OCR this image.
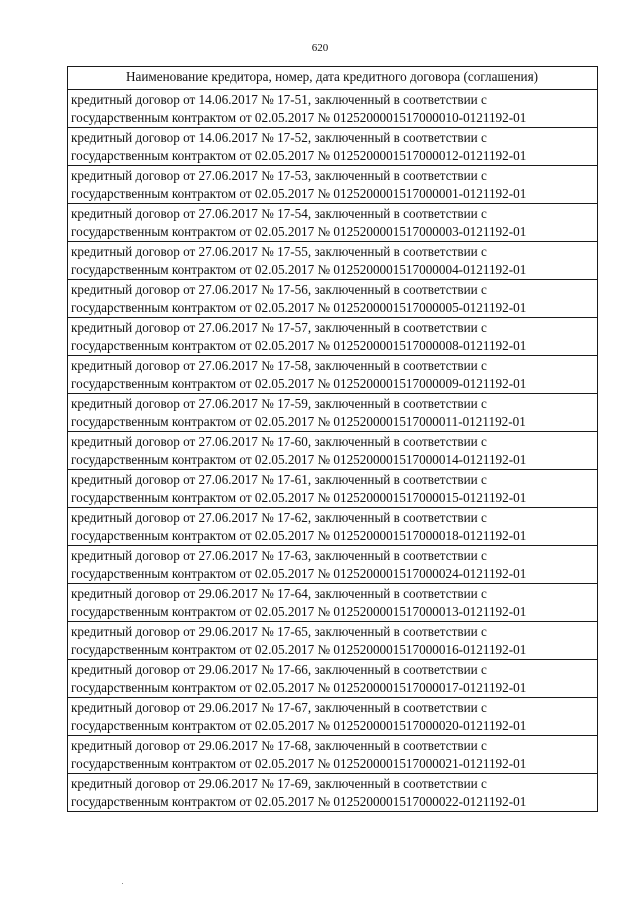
620
Наименование кредитора, номер, дата кредитного договора (соглашения)

кредитный договор от 14.06.2017 № 17-51, заключенный в соответствии с
государственным контрактом от 02.05.2017 № 0125200001517000010-0121192-01

кредитный договор от 14.06.2017 № 17-52, заключенный в соответствии с
государственным контрактом от 02.05.2017 № 0125200001517000012-0121192-01

кредитный договор от 27.06.2017 № 17-53, заключенный в соответствии с
государственным контрактом от 02.05.2017 № 0125200001517000001-0121192-01

кредитный договор от 27.06.2017 № 17-54, заключенный в соответствии с
государственным контрактом от 02.05.2017 № 0125200001517000003-0121192-01

кредитный договор от 27.06.2017 № 17-55, заключенный в соответствии с
государственным контрактом от 02.05.2017 № 0125200001517000004-0121192-01

кредитный договор от 27.06.2017 № 17-56, заключенный в соответствии с
государственным контрактом от 02.05.2017 № 0125200001517000005-0121192-01

кредитный договор от 27.06.2017 № 17-57, заключенный в соответствии с
государственным контрактом от 02.05.2017 № 0125200001517000008-0121192-01

кредитный договор от 27.06.2017 № 17-58, заключенный в соответствии с
государственным контрактом от 02.05.2017 № 0125200001517000009-0121192-01

кредитный договор от 27.06.2017 № 17-59, заключенный в соответствии с
государственным контрактом от 02.05.2017 № 0125200001517000011-0121192-01

кредитный договор от 27.06.2017 № 17-60, заключенный в соответствии с
государственным контрактом от 02.05.2017 № 0125200001517000014-0121192-01

кредитный договор от 27.06.2017 № 17-61, заключенный в соответствии с
государственным контрактом от 02.05.2017 № 0125200001517000015-0121192-01

кредитный договор от 27.06.2017 № 17-62, заключенный в соответствии с
государственным контрактом от 02.05.2017 № 0125200001517000018-0121192-01

кредитный договор от 27.06.2017 № 17-63, заключенный в соответствии с
государственным контрактом от 02.05.2017 № 0125200001517000024-0121192-01

кредитный договор от 29.06.2017 № 17-64, заключенный в соответствии с
государственным контрактом от 02.05.2017 № 0125200001517000013-0121192-01

кредитный договор от 29.06.2017 № 17-65, заключенный в соответствии с
государственным контрактом от 02.05.2017 № 0125200001517000016-0121192-01

кредитный договор от 29.06.2017 № 17-66, заключенный в соответствии с
государственным контрактом от 02.05.2017 № 0125200001517000017-0121192-01

кредитный договор от 29.06.2017 № 17-67, заключенный в соответствии с
государственным контрактом от 02.05.2017 № 0125200001517000020-0121192-01

кредитный договор от 29.06.2017 № 17-68, заключенный в соответствии с
государственным контрактом от 02.05.2017 № 0125200001517000021-0121192-01

кредитный договор от 29.06.2017 № 17-69, заключенный в соответствии с
государственным контрактом от 02.05.2017 № 0125200001517000022-0121192-01
